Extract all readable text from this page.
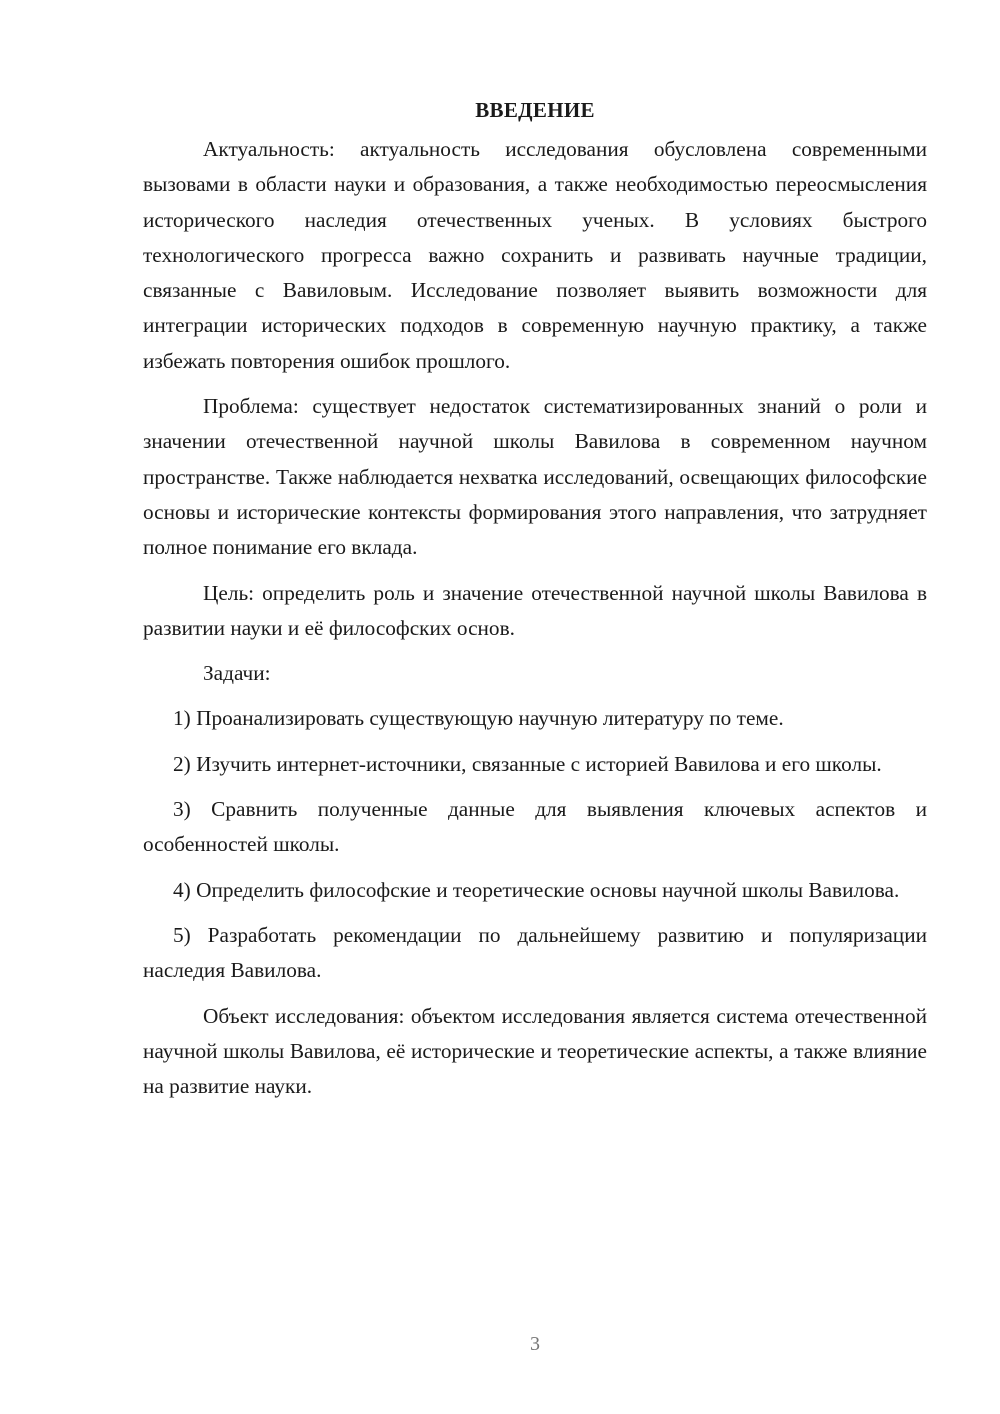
ВВЕДЕНИЕ

Актуальность: актуальность исследования обусловлена современными вызовами в области науки и образования, а также необходимостью переосмысления исторического наследия отечественных ученых. В условиях быстрого технологического прогресса важно сохранить и развивать научные традиции, связанные с Вавиловым. Исследование позволяет выявить возможности для интеграции исторических подходов в современную научную практику, а также избежать повторения ошибок прошлого.

Проблема: существует недостаток систематизированных знаний о роли и значении отечественной научной школы Вавилова в современном научном пространстве. Также наблюдается нехватка исследований, освещающих философские основы и исторические контексты формирования этого направления, что затрудняет полное понимание его вклада.

Цель: определить роль и значение отечественной научной школы Вавилова в развитии науки и её философских основ.

Задачи:

1) Проанализировать существующую научную литературу по теме.

2) Изучить интернет-источники, связанные с историей Вавилова и его школы.

3) Сравнить полученные данные для выявления ключевых аспектов и особенностей школы.

4) Определить философские и теоретические основы научной школы Вавилова.

5) Разработать рекомендации по дальнейшему развитию и популяризации наследия Вавилова.

Объект исследования: объектом исследования является система отечественной научной школы Вавилова, её исторические и теоретические аспекты, а также влияние на развитие науки.

3
